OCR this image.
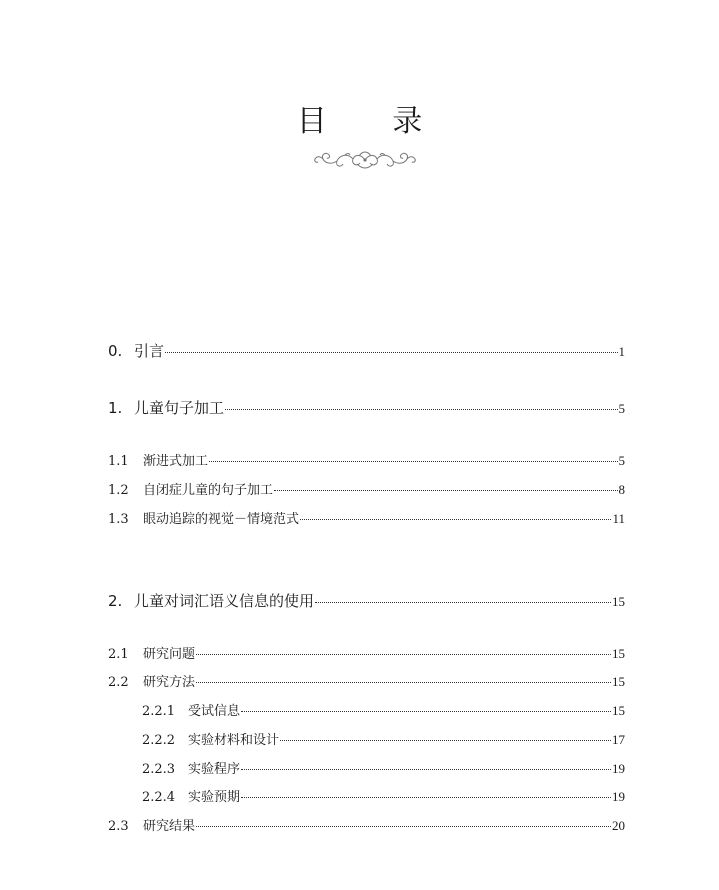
目 录
0. 引言	1
1. 儿童句子加工	5
1.1	渐进式加工	5
1.2	自闭症儿童的句子加工	8
1.3	眼动追踪的视觉－情境范式	11
2. 儿童对词汇语义信息的使用	15
2.1	研究问题	15
2.2	研究方法	15
2.2.1 受试信息	15
2.2.2 实验材料和设计	17
2.2.3 实验程序	19
2.2.4 实验预期	19
2.3	研究结果	20
